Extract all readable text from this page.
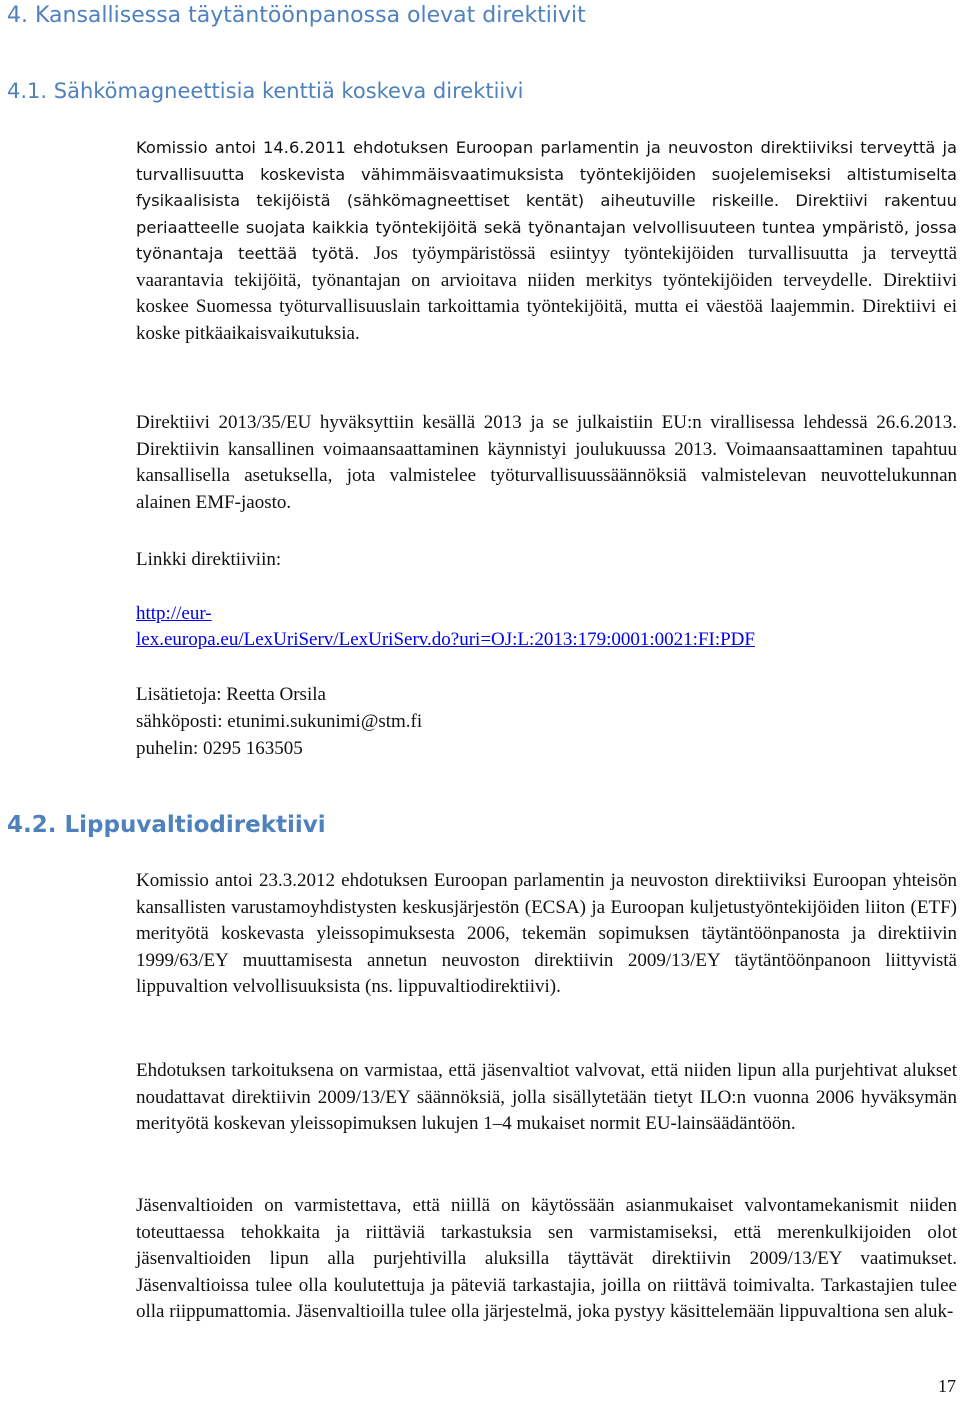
4. Kansallisessa täytäntöönpanossa olevat direktiivit
4.1. Sähkömagneettisia kenttiä koskeva direktiivi

Komissio antoi 14.6.2011 ehdotuksen Euroopan parlamentin ja neuvoston direktiiviksi terveyttä ja turvallisuutta koskevista vähimmäisvaatimuksista työntekijöiden suojelemiseksi altistumiselta fysikaalisista tekijöistä (sähkömagneettiset kentät) aiheutuville riskeille. Direktiivi rakentuu periaatteelle suojata kaikkia työntekijöitä sekä työnantajan velvollisuuteen tuntea ympäristö, jossa työnantaja teettää työtä. Jos työympäristössä esiintyy työntekijöiden turvallisuutta ja terveyttä vaarantavia tekijöitä, työnantajan on arvioitava niiden merkitys työntekijöiden terveydelle. Direktiivi koskee Suomessa työturvallisuuslain tarkoittamia työntekijöitä, mutta ei väestöä laajemmin. Direktiivi ei koske pitkäaikaisvaikutuksia.

Direktiivi 2013/35/EU hyväksyttiin kesällä 2013 ja se julkaistiin EU:n virallisessa lehdessä 26.6.2013. Direktiivin kansallinen voimaansaattaminen käynnistyi joulukuussa 2013. Voimaansaattaminen tapahtuu kansallisella asetuksella, jota valmistelee työturvallisuussäännöksiä valmistelevan neuvottelukunnan alainen EMF-jaosto.

Linkki direktiiviin:

http://eur-

lex.europa.eu/LexUriServ/LexUriServ.do?uri=OJ:L:2013:179:0001:0021:FI:PDF

Lisätietoja: Reetta Orsila

sähköposti: etunimi.sukunimi@stm.fi

puhelin: 0295 163505

4.2. Lippuvaltiodirektiivi

Komissio antoi 23.3.2012 ehdotuksen Euroopan parlamentin ja neuvoston direktiiviksi Euroopan yhteisön kansallisten varustamoyhdistysten keskusjärjestön (ECSA) ja Euroopan kuljetustyöntekijöiden liiton (ETF) merityötä koskevasta yleissopimuksesta 2006, tekemän sopimuksen täytäntöönpanosta ja direktiivin 1999/63/EY muuttamisesta annetun neuvoston direktiivin 2009/13/EY täytäntöönpanoon liittyvistä lippuvaltion velvollisuuksista (ns. lippuvaltiodirektiivi).

Ehdotuksen tarkoituksena on varmistaa, että jäsenvaltiot valvovat, että niiden lipun alla purjehtivat alukset noudattavat direktiivin 2009/13/EY säännöksiä, jolla sisällytetään tietyt ILO:n vuonna 2006 hyväksymän merityötä koskevan yleissopimuksen lukujen 1–4 mukaiset normit EU-lainsäädäntöön.

Jäsenvaltioiden on varmistettava, että niillä on käytössään asianmukaiset valvontamekanismit niiden toteuttaessa tehokkaita ja riittäviä tarkastuksia sen varmistamiseksi, että merenkulkijoiden olot jäsenvaltioiden lipun alla purjehtivilla aluksilla täyttävät direktiivin 2009/13/EY vaatimukset. Jäsenvaltioissa tulee olla koulutettuja ja päteviä tarkastajia, joilla on riittävä toimivalta. Tarkastajien tulee olla riippumattomia. Jäsenvaltioilla tulee olla järjestelmä, joka pystyy käsittelemään lippuvaltiona sen aluk-

17
